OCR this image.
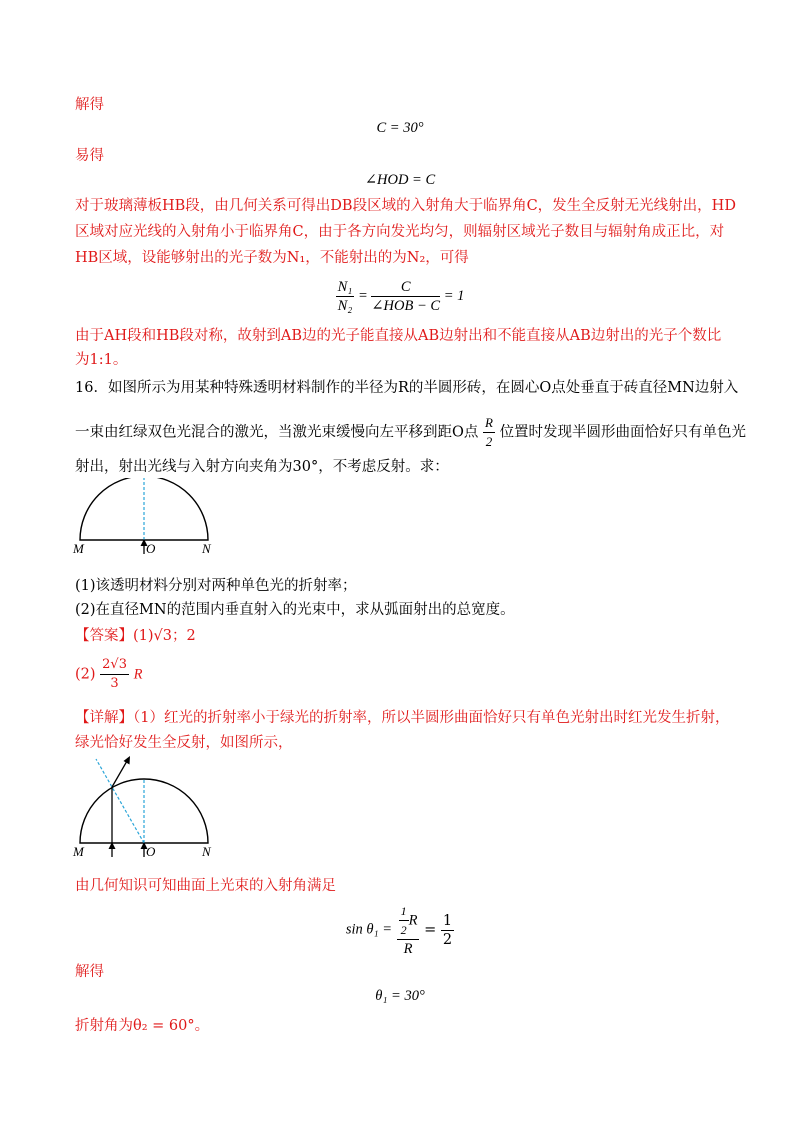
解得
C = 30°
易得
∠HOD = C
对于玻璃薄板HB段，由几何关系可得出DB段区域的入射角大于临界角C，发生全反射无光线射出，HD
区域对应光线的入射角小于临界角C，由于各方向发光均匀，则辐射区域光子数目与辐射角成正比，对
HB区域，设能够射出的光子数为N₁，不能射出的为N₂，可得
$\frac{\text{N₁}}{\text{N₂}} = \frac{C}{\text{∠HOB − C}} = 1$
由于AH段和HB段对称，故射到AB边的光子能直接从AB边射出和不能直接从AB边射出的光子个数比
为1:1。
16．如图所示为用某种特殊透明材料制作的半径为R的半圆形砖，在圆心O点处垂直于砖直径MN边射入
一束由红绿双色光混合的激光，当激光束缓慢向左平移到距O点 $\frac{R}{2}$ 位置时发现半圆形曲面恰好只有单色光
射出，射出光线与入射方向夹角为30°，不考虑反射。求：
M	O	N
(1)该透明材料分别对两种单色光的折射率；
(2)在直径MN的范围内垂直射入的光束中，求从弧面射出的总宽度。
【答案】(1)√3；2
$(2) \frac{2√3}{3}$ R
【详解】（1）红光的折射率小于绿光的折射率，所以半圆形曲面恰好只有单色光射出时红光发生折射，
绿光恰好发生全反射，如图所示，
M	O	N
由几何知识可知曲面上光束的入射角满足
$\sin \theta_1 = \frac{\frac{1}{2} R}{R} = \frac{1}{2}$
解得
θ₁ = 30°
折射角为θ₂ = 60°。
